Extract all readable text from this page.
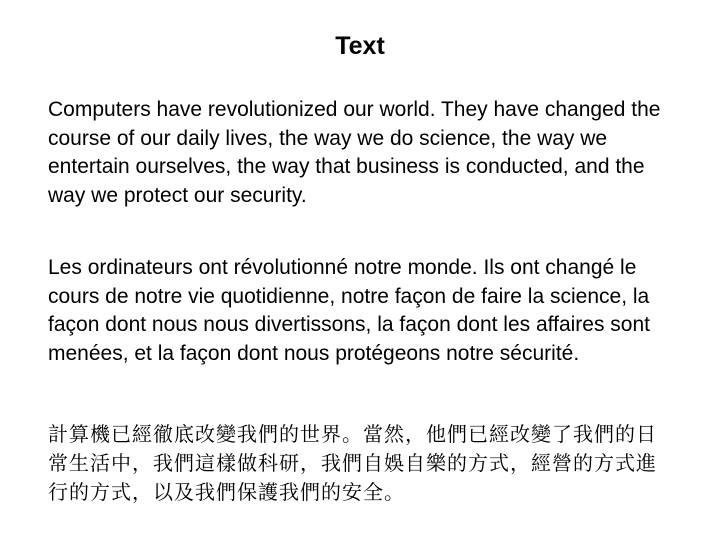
Text

Computers have revolutionized our world. They have changed the course of our daily lives, the way we do science, the way we entertain ourselves, the way that business is conducted, and the way we protect our security.

Les ordinateurs ont révolutionné notre monde. Ils ont changé le cours de notre vie quotidienne, notre façon de faire la science, la façon dont nous nous divertissons, la façon dont les affaires sont menées, et la façon dont nous protégeons notre sécurité.

計算機已經徹底改變我們的世界。當然，他們已經改變了我們的日常生活中，我們這樣做科研，我們自娛自樂的方式，經營的方式進行的方式，以及我們保護我們的安全。
